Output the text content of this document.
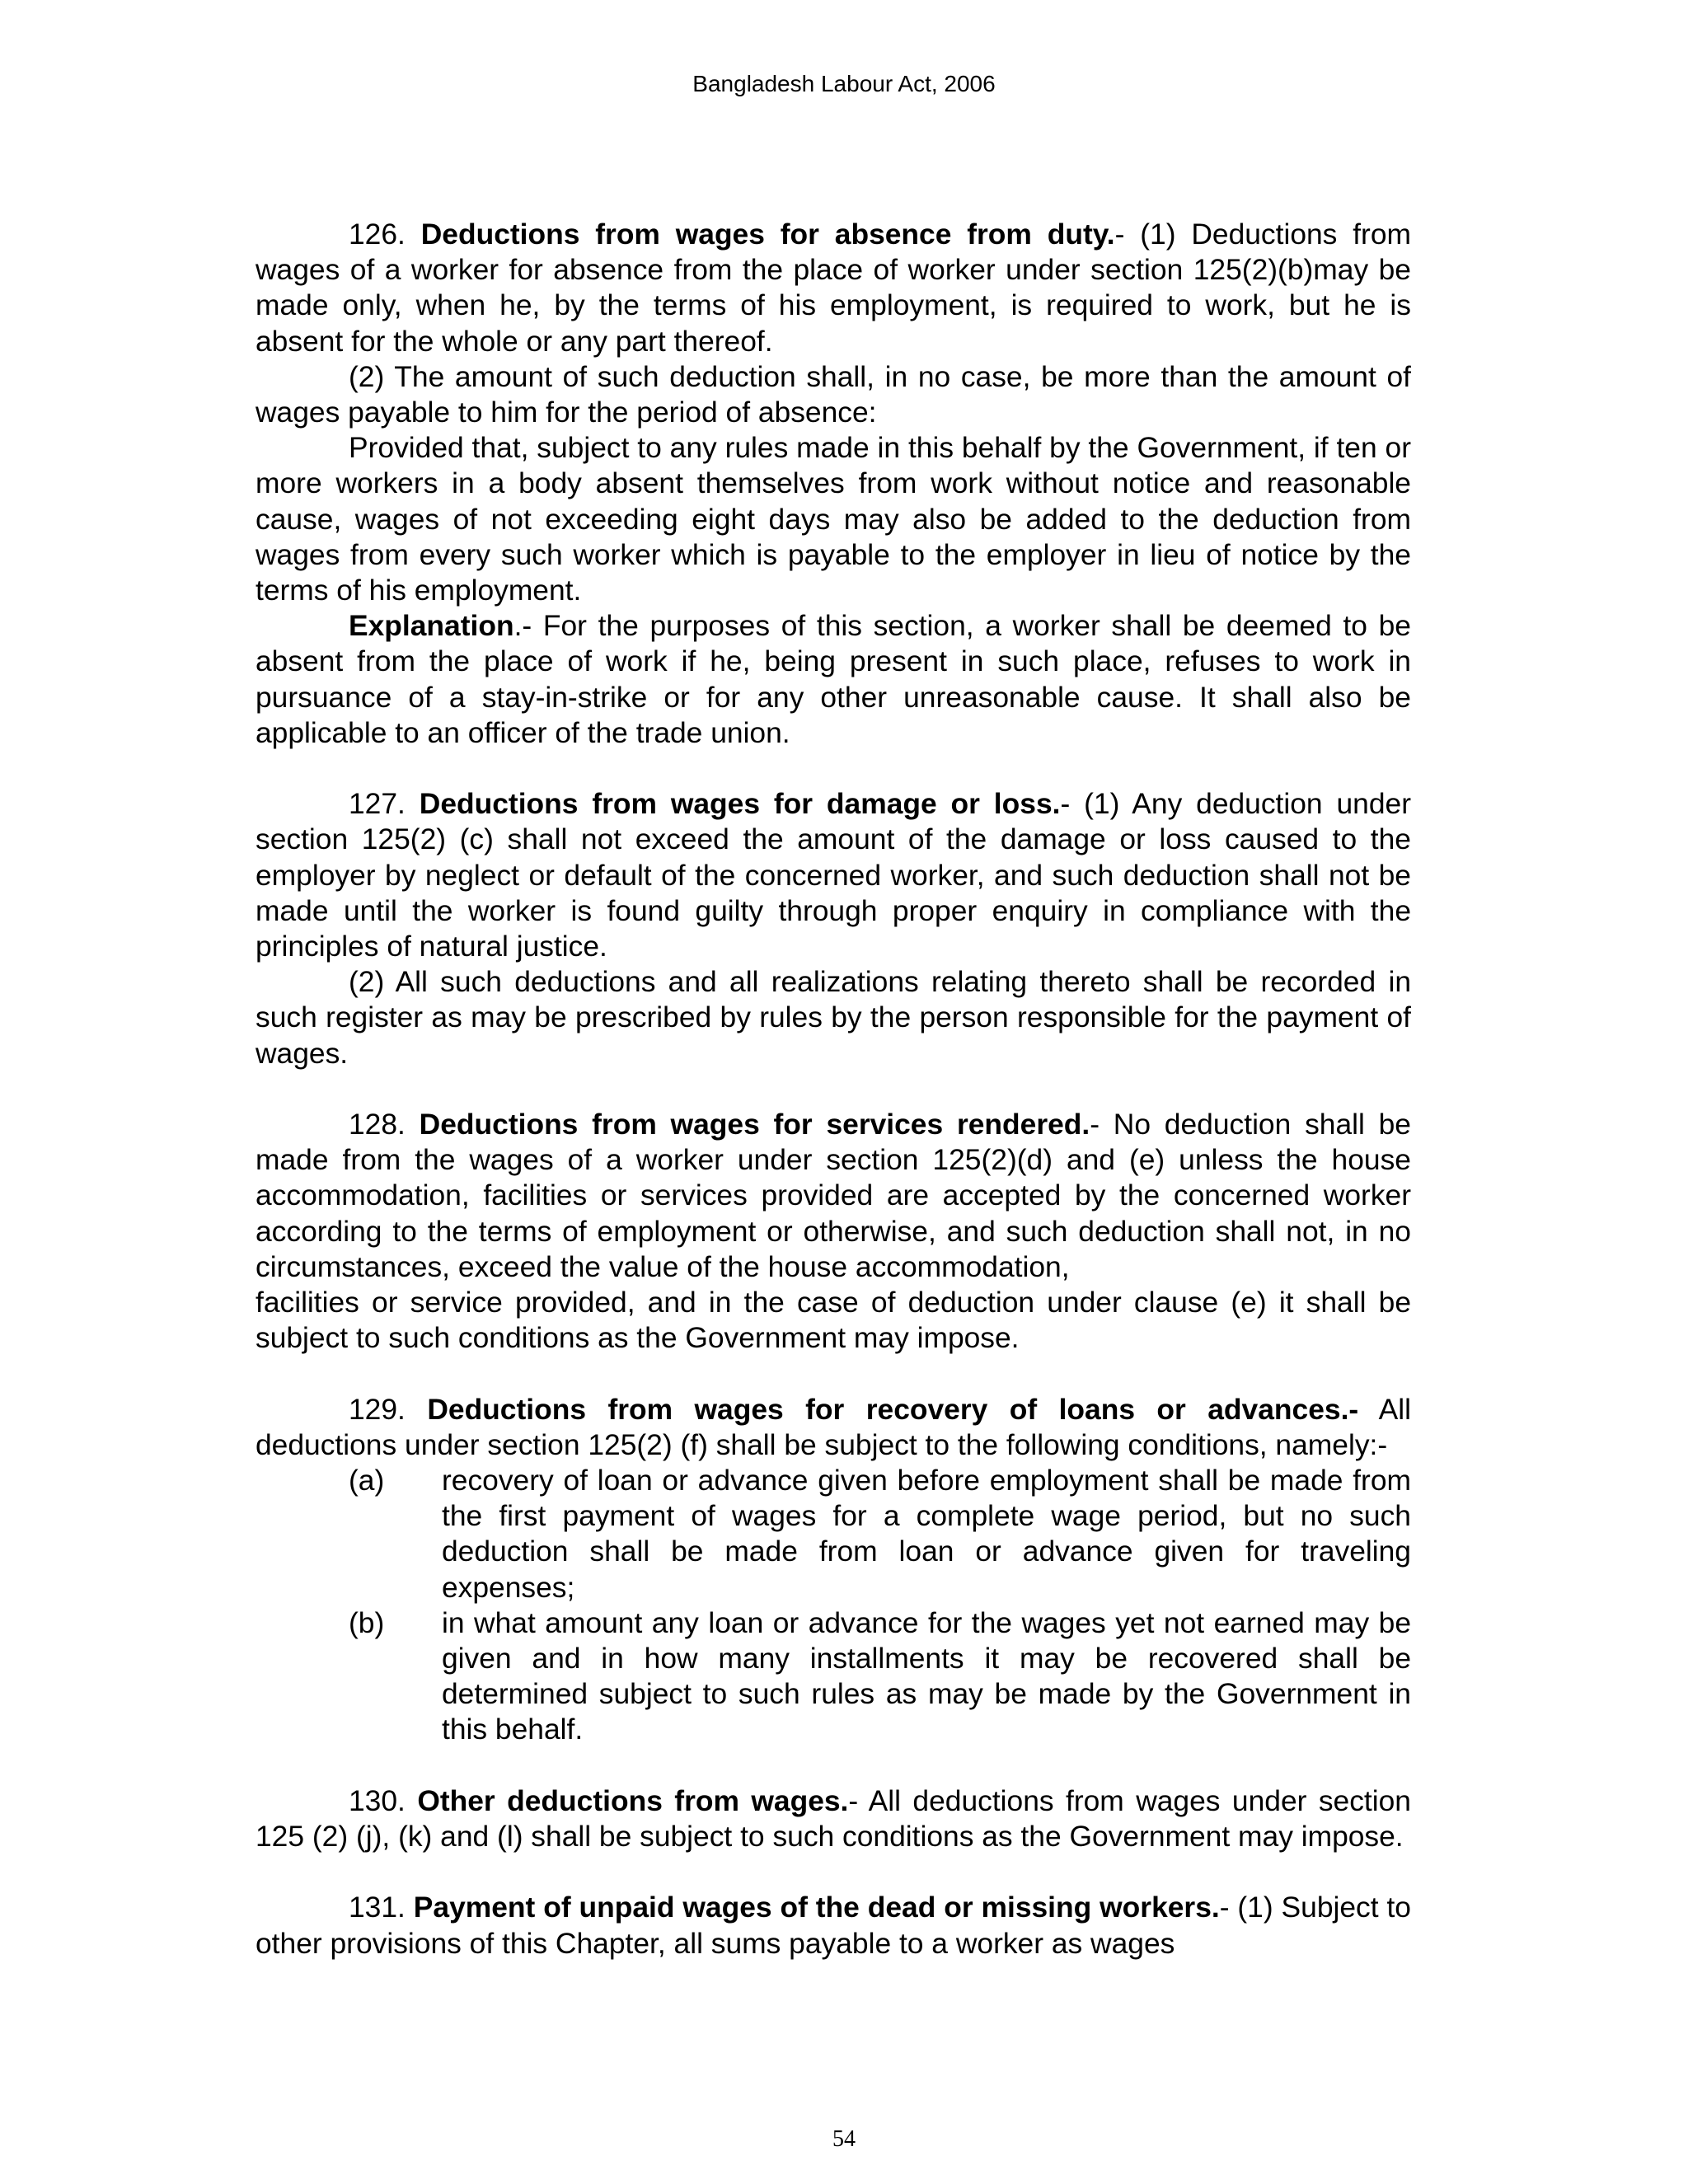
Bangladesh Labour Act, 2006

126. Deductions from wages for absence from duty.- (1) Deductions from wages of a worker for absence from the place of worker under section 125(2)(b)may be made only, when he, by the terms of his employment, is required to work, but he is absent for the whole or any part thereof.

(2) The amount of such deduction shall, in no case, be more than the amount of wages payable to him for the period of absence:

Provided that, subject to any rules made in this behalf by the Government, if ten or more workers in a body absent themselves from work without notice and reasonable cause, wages of not exceeding eight days may also be added to the deduction from wages from every such worker which is payable to the employer in lieu of notice by the terms of his employment.

Explanation.- For the purposes of this section, a worker shall be deemed to be absent from the place of work if he, being present in such place, refuses to work in pursuance of a stay-in-strike or for any other unreasonable cause. It shall also be applicable to an officer of the trade union.

127. Deductions from wages for damage or loss.- (1) Any deduction under section 125(2) (c) shall not exceed the amount of the damage or loss caused to the employer by neglect or default of the concerned worker, and such deduction shall not be made until the worker is found guilty through proper enquiry in compliance with the principles of natural justice.

(2) All such deductions and all realizations relating thereto shall be recorded in such register as may be prescribed by rules by the person responsible for the payment of wages.

128. Deductions from wages for services rendered.- No deduction shall be made from the wages of a worker under section 125(2)(d) and (e) unless the house accommodation, facilities or services provided are accepted by the concerned worker according to the terms of employment or otherwise, and such deduction shall not, in no circumstances, exceed the value of the house accommodation,

facilities or service provided, and in the case of deduction under clause (e) it shall be subject to such conditions as the Government may impose.

129. Deductions from wages for recovery of loans or advances.- All deductions under section 125(2) (f) shall be subject to the following conditions, namely:-

(a)	recovery of loan or advance given before employment shall be made from the first payment of wages for a complete wage period, but no such deduction shall be made from loan or advance given for traveling expenses;
(b)	in what amount any loan or advance for the wages yet not earned may be given and in how many installments it may be recovered shall be determined subject to such rules as may be made by the Government in this behalf.

130. Other deductions from wages.- All deductions from wages under section 125 (2) (j), (k) and (l) shall be subject to such conditions as the Government may impose.

131. Payment of unpaid wages of the dead or missing workers.- (1) Subject to other provisions of this Chapter, all sums payable to a worker as wages

54
